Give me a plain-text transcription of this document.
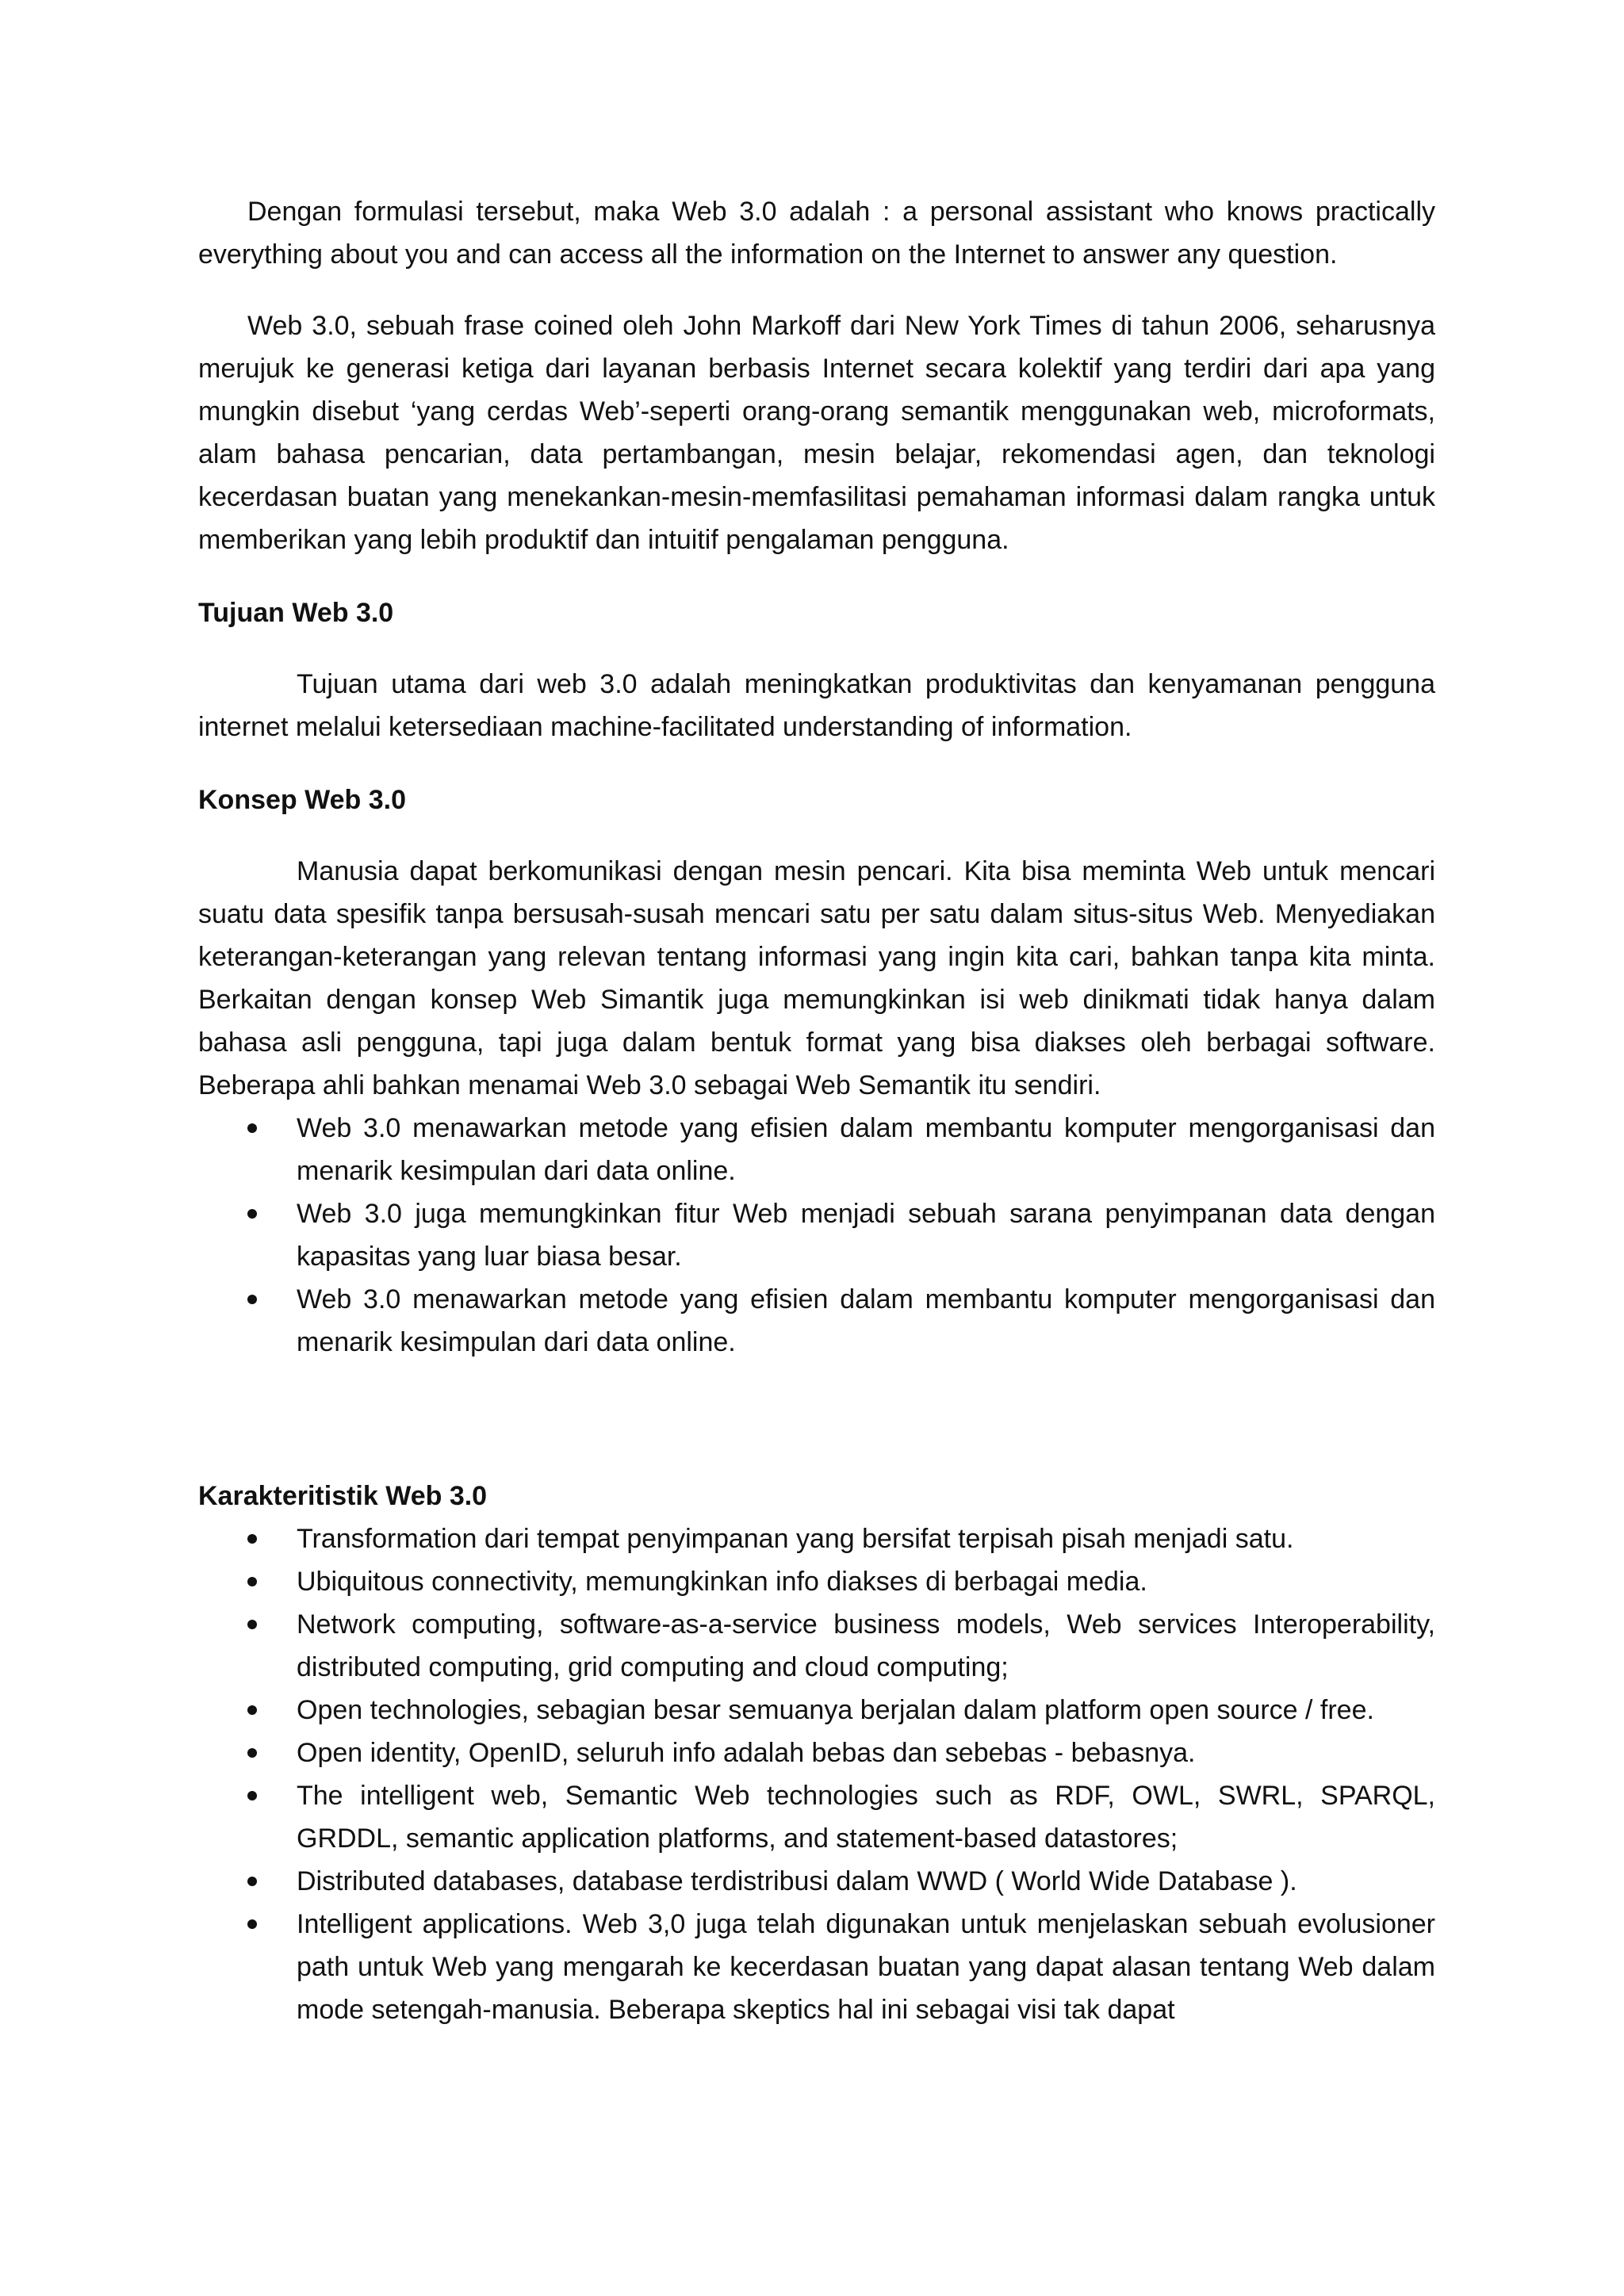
Dengan formulasi tersebut, maka Web 3.0 adalah : a personal assistant who knows practically everything about you and can access all the information on the Internet to answer any question.

Web 3.0, sebuah frase coined oleh John Markoff dari New York Times di tahun 2006, seharusnya merujuk ke generasi ketiga dari layanan berbasis Internet secara kolektif yang terdiri dari apa yang mungkin disebut ‘yang cerdas Web’-seperti orang-orang semantik menggunakan web, microformats, alam bahasa pencarian, data pertambangan, mesin belajar, rekomendasi agen, dan teknologi kecerdasan buatan yang menekankan-mesin-memfasilitasi pemahaman informasi dalam rangka untuk memberikan yang lebih produktif dan intuitif pengalaman pengguna.

Tujuan Web 3.0

Tujuan utama dari web 3.0 adalah meningkatkan produktivitas dan kenyamanan pengguna internet melalui ketersediaan machine-facilitated understanding of information.

Konsep Web 3.0

Manusia dapat berkomunikasi dengan mesin pencari. Kita bisa meminta Web untuk mencari suatu data spesifik tanpa bersusah-susah mencari satu per satu dalam situs-situs Web. Menyediakan keterangan-keterangan yang relevan tentang informasi yang ingin kita cari, bahkan tanpa kita minta. Berkaitan dengan konsep Web Simantik juga memungkinkan isi web dinikmati tidak hanya dalam bahasa asli pengguna, tapi juga dalam bentuk format yang bisa diakses oleh berbagai software. Beberapa ahli bahkan menamai Web 3.0 sebagai Web Semantik itu sendiri.

Web 3.0 menawarkan metode yang efisien dalam membantu komputer mengorganisasi dan menarik kesimpulan dari data online.
Web 3.0 juga memungkinkan fitur Web menjadi sebuah sarana penyimpanan data dengan kapasitas yang luar biasa besar.
Web 3.0 menawarkan metode yang efisien dalam membantu komputer mengorganisasi dan menarik kesimpulan dari data online.

Karakteritistik Web 3.0

Transformation dari tempat penyimpanan yang bersifat terpisah pisah menjadi satu.
Ubiquitous connectivity, memungkinkan info diakses di berbagai media.
Network computing, software-as-a-service business models, Web services Interoperability, distributed computing, grid computing and cloud computing;
Open technologies, sebagian besar semuanya berjalan dalam platform open source / free.
Open identity, OpenID, seluruh info adalah bebas dan sebebas - bebasnya.
The intelligent web, Semantic Web technologies such as RDF, OWL, SWRL, SPARQL, GRDDL, semantic application platforms, and statement-based datastores;
Distributed databases, database terdistribusi dalam WWD ( World Wide Database ).
Intelligent applications. Web 3,0 juga telah digunakan untuk menjelaskan sebuah evolusioner path untuk Web yang mengarah ke kecerdasan buatan yang dapat alasan tentang Web dalam mode setengah-manusia. Beberapa skeptics hal ini sebagai visi tak dapat
